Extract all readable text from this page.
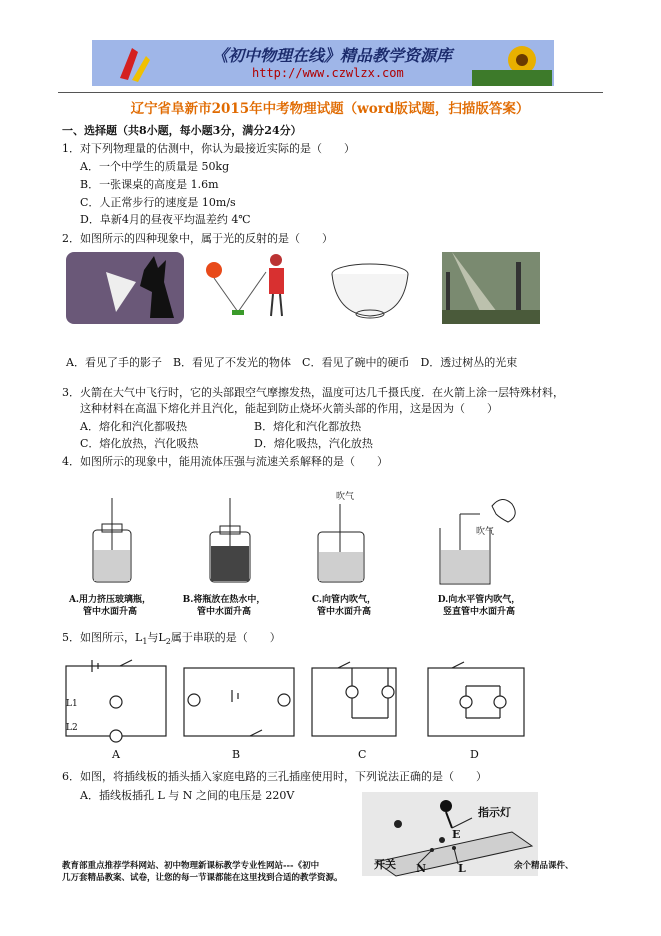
《初中物理在线》精品教学资源库
http://www.czwlzx.com
辽宁省阜新市2015年中考物理试题（word版试题，扫描版答案）
一、选择题（共8小题，每小题3分，满分24分）
1．对下列物理量的估测中，你认为最接近实际的是（　　）
A．一个中学生的质量是 50kg
B．一张课桌的高度是 1.6m
C．人正常步行的速度是 10m/s
D．阜新4月的昼夜平均温差约 4℃
2．如图所示的四种现象中，属于光的反射的是（　　）
A．看见了手的影子　B．看见了不发光的物体　C．看见了碗中的硬币　D．透过树丛的光束
3．火箭在大气中飞行时，它的头部跟空气摩擦发热，温度可达几千摄氏度．在火箭上涂一层特殊材料，
这种材料在高温下熔化并且汽化，能起到防止烧坏火箭头部的作用，这是因为（　　）
A．熔化和汽化都吸热	B．熔化和汽化都放热
C．熔化放热，汽化吸热	D．熔化吸热，汽化放热
4．如图所示的现象中，能用流体压强与流速关系解释的是（　　）
吹气
吹气
A.用力挤压玻璃瓶，
管中水面升高
B.将瓶放在热水中，
管中水面升高
C.向管内吹气，
管中水面升高
D.向水平管内吹气，
竖直管中水面升高
5．如图所示，$L_1$与$L_2$属于串联的是（　　）
L1
L2
A	B	C	D
6．如图，将插线板的插头插入家庭电路的三孔插座使用时，下列说法正确的是（　　）
A．插线板插孔 L 与 N 之间的电压是 220V
指示灯
E
开关 N	L
教育部重点推荐学科网站、初中物理新课标教学专业性网站---《初中	余个精品课件、
几万套精品教案、试卷，让您的每一节课都能在这里找到合适的教学资源。
